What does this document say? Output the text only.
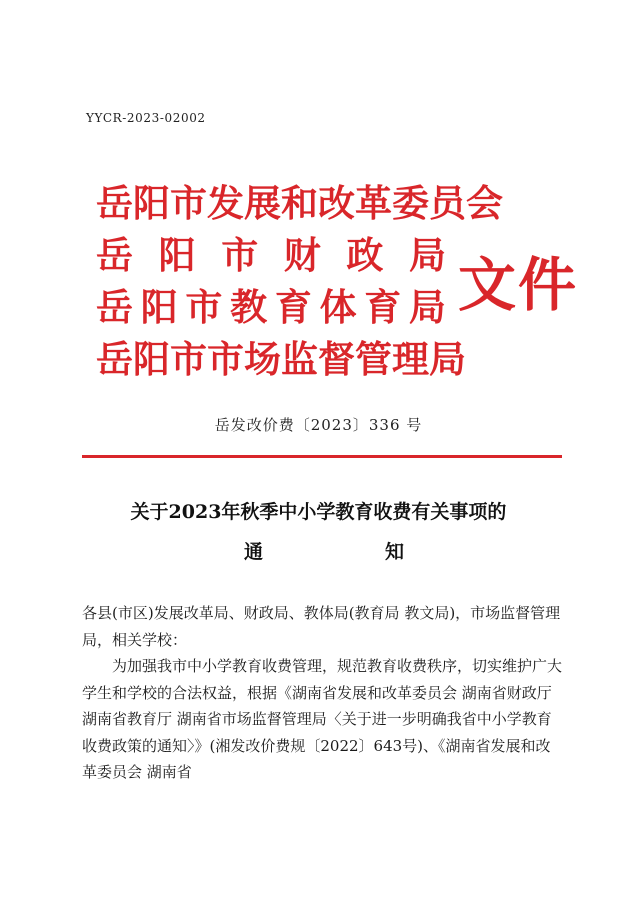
YYCR-2023-02002
岳 阳 市 发 展 和 改 革 委 员 会
岳 阳 市 财 政 局
岳 阳 市 教 育 体 育 局
岳 阳 市 市 场 监 督 管 理 局
文件
岳发改价费〔2023〕336 号
关于2023年秋季中小学教育收费有关事项的
通	知

各县(市区)发展改革局、财政局、教体局(教育局 教文局)，市场监督管理局，相关学校：

为加强我市中小学教育收费管理，规范教育收费秩序，切实维护广大学生和学校的合法权益，根据《湖南省发展和改革委员会 湖南省财政厅 湖南省教育厅 湖南省市场监督管理局〈关于进一步明确我省中小学教育收费政策的通知〉》(湘发改价费规〔2022〕643号)、《湖南省发展和改革委员会 湖南省
